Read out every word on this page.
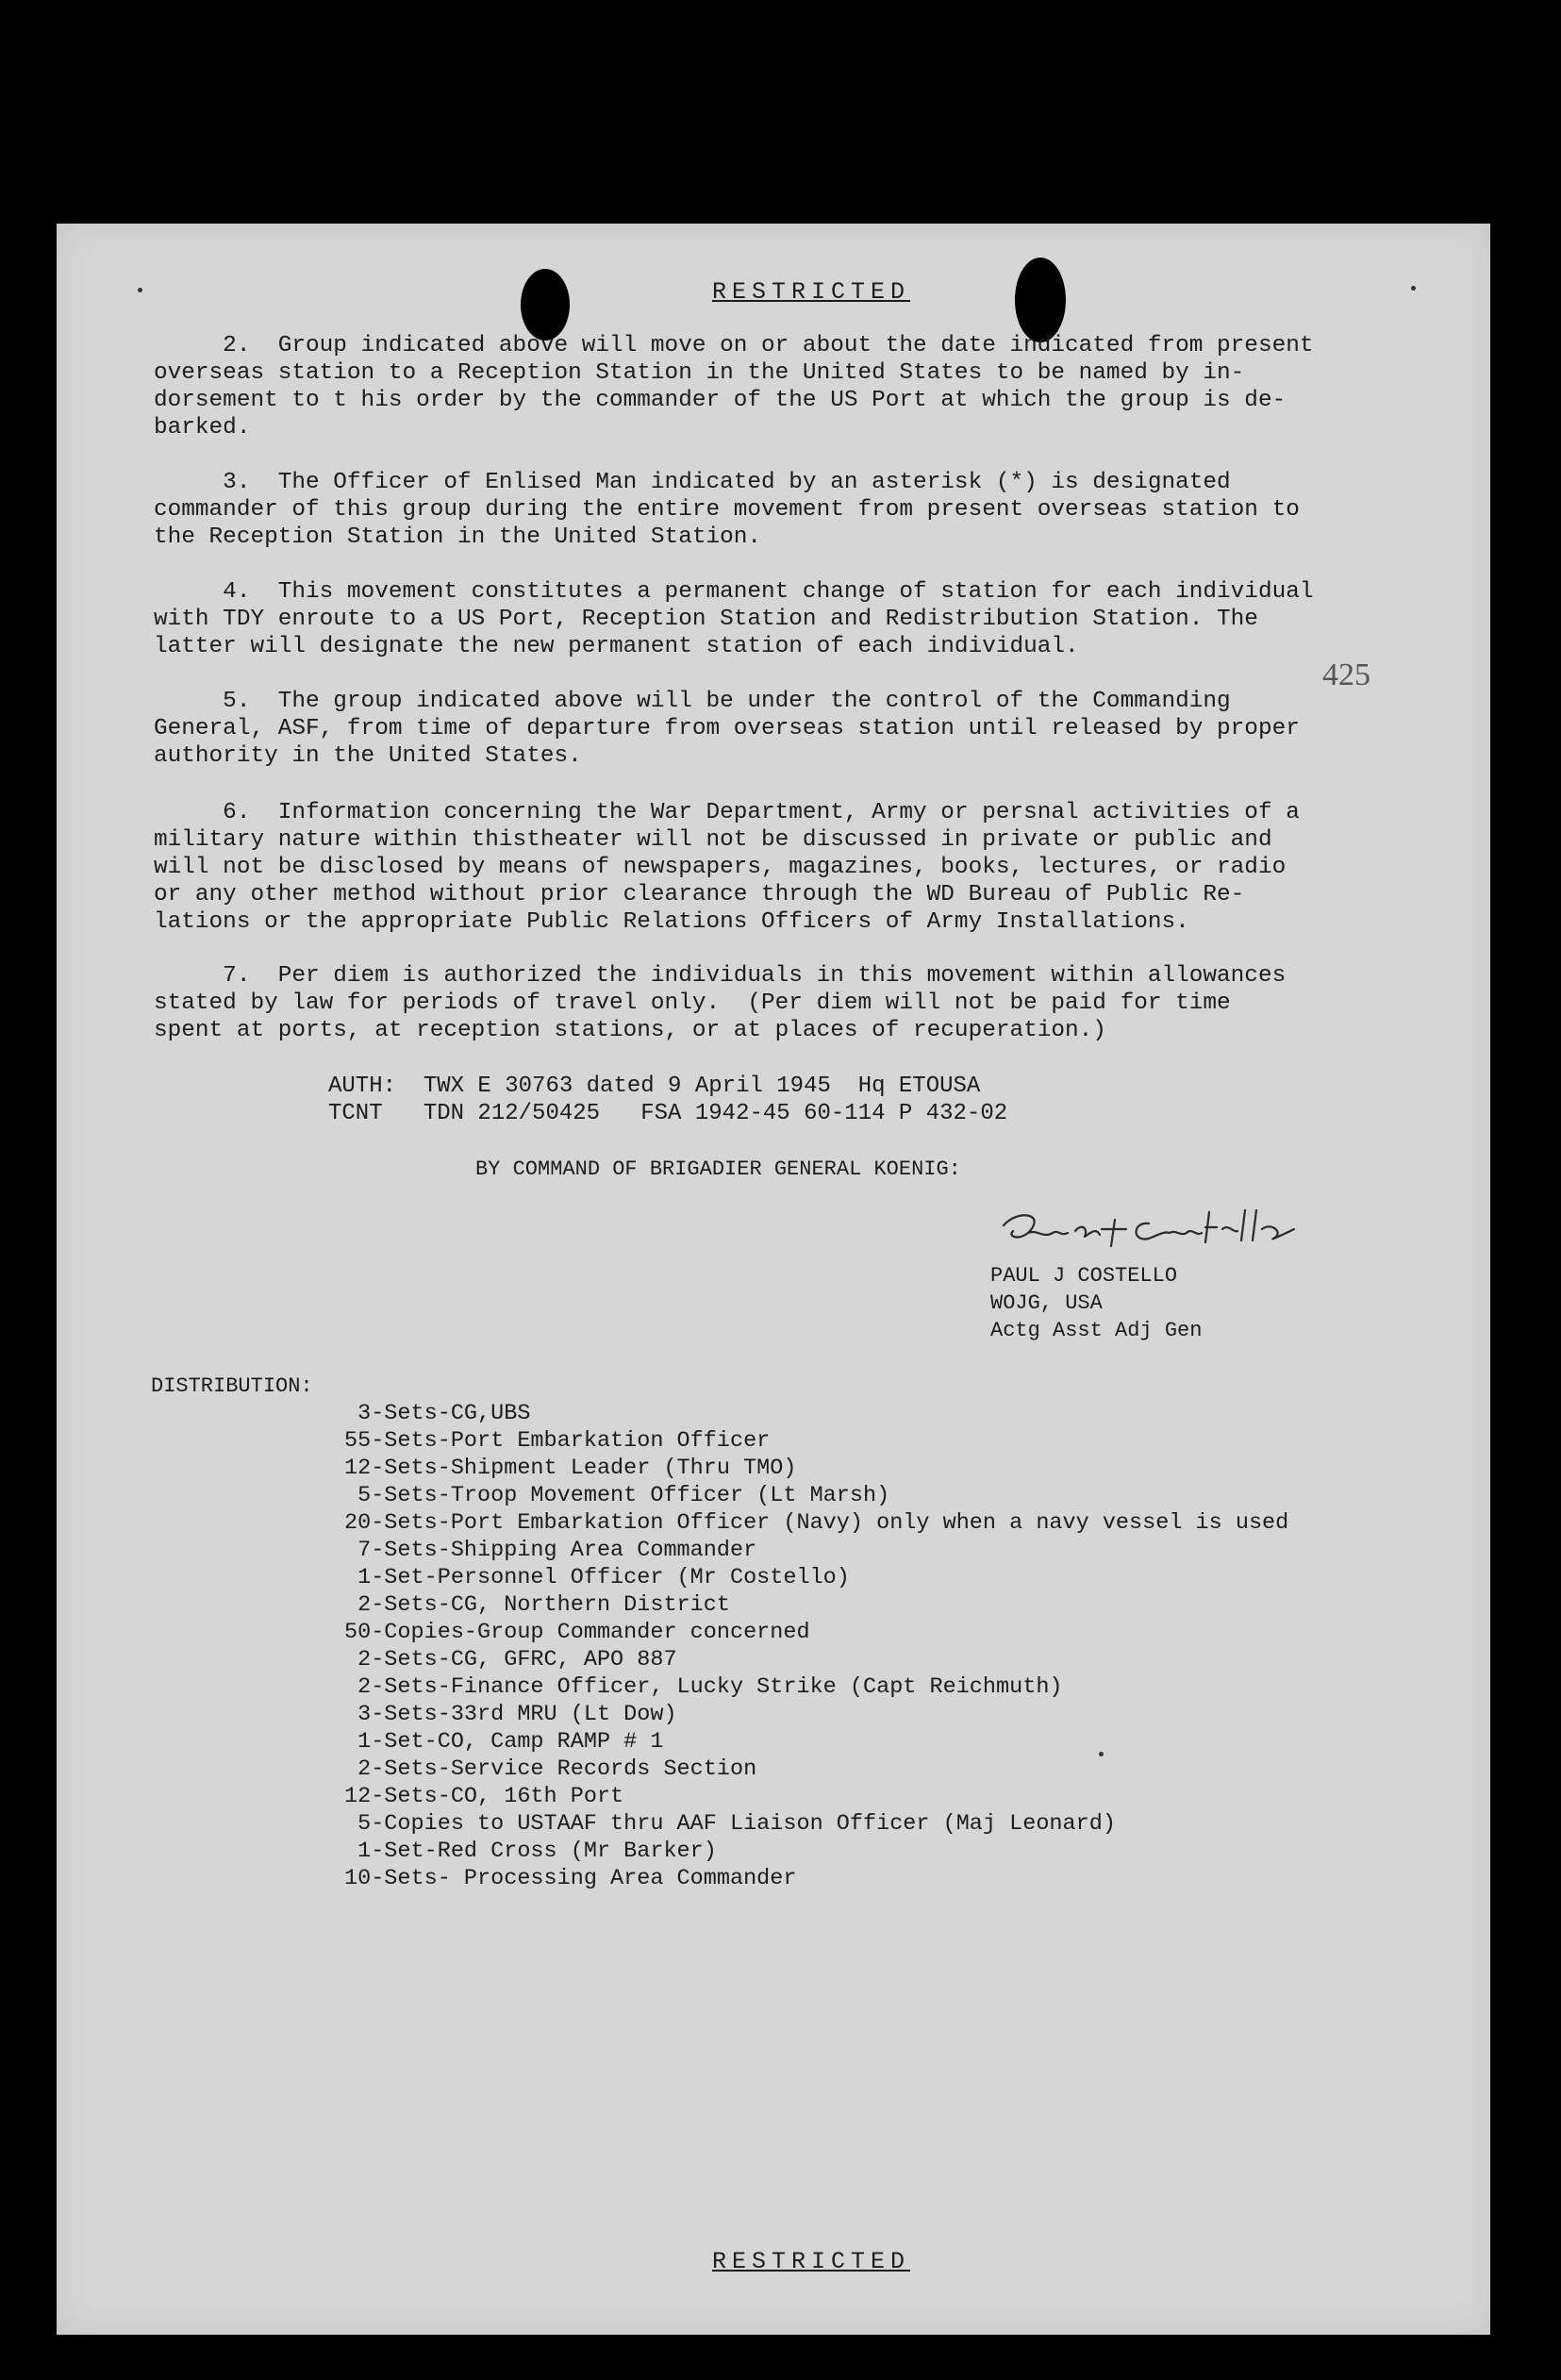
RESTRICTED
2.  Group indicated above will move on or about the date indicated from present
overseas station to a Reception Station in the United States to be named by in-
dorsement to t his order by the commander of the US Port at which the group is de-
barked.
3.  The Officer of Enlised Man indicated by an asterisk (*) is designated
commander of this group during the entire movement from present overseas station to
the Reception Station in the United Station.
4.  This movement constitutes a permanent change of station for each individual
with TDY enroute to a US Port, Reception Station and Redistribution Station. The
latter will designate the new permanent station of each individual.
425
5.  The group indicated above will be under the control of the Commanding
General, ASF, from time of departure from overseas station until released by proper
authority in the United States.
6.  Information concerning the War Department, Army or persnal activities of a
military nature within thistheater will not be discussed in private or public and
will not be disclosed by means of newspapers, magazines, books, lectures, or radio
or any other method without prior clearance through the WD Bureau of Public Re-
lations or the appropriate Public Relations Officers of Army Installations.
7.  Per diem is authorized the individuals in this movement within allowances
stated by law for periods of travel only.  (Per diem will not be paid for time
spent at ports, at reception stations, or at places of recuperation.)
AUTH:  TWX E 30763 dated 9 April 1945  Hq ETOUSA
TCNT   TDN 212/50425   FSA 1942-45 60-114 P 432-02
BY COMMAND OF BRIGADIER GENERAL KOENIG:
PAUL J COSTELLO
WOJG, USA
Actg Asst Adj Gen
DISTRIBUTION:
3-Sets-CG,UBS
55-Sets-Port Embarkation Officer
12-Sets-Shipment Leader (Thru TMO)
5-Sets-Troop Movement Officer (Lt Marsh)
20-Sets-Port Embarkation Officer (Navy) only when a navy vessel is used
7-Sets-Shipping Area Commander
1-Set-Personnel Officer (Mr Costello)
2-Sets-CG, Northern District
50-Copies-Group Commander concerned
2-Sets-CG, GFRC, APO 887
2-Sets-Finance Officer, Lucky Strike (Capt Reichmuth)
3-Sets-33rd MRU (Lt Dow)
1-Set-CO, Camp RAMP # 1
2-Sets-Service Records Section
12-Sets-CO, 16th Port
5-Copies to USTAAF thru AAF Liaison Officer (Maj Leonard)
1-Set-Red Cross (Mr Barker)
10-Sets- Processing Area Commander
RESTRICTED
